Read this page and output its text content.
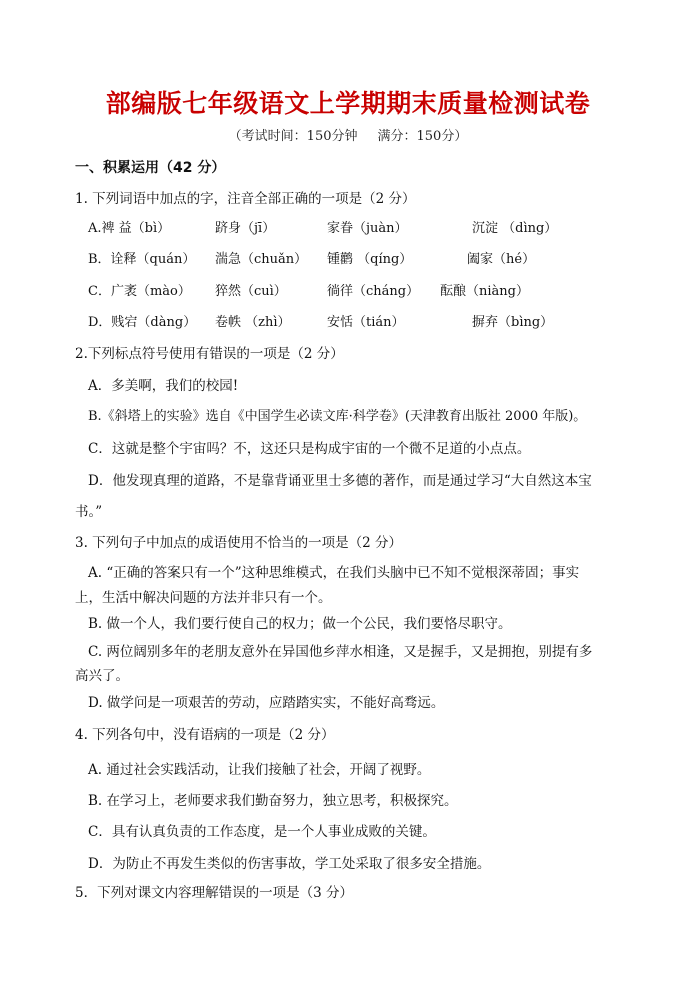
部编版七年级语文上学期期末质量检测试卷
（考试时间：150分钟 满分：150分）
一、积累运用（42 分）
1. 下列词语中加点的字，注音全部正确的一项是（2 分）
A.裨 益（bì）	跻身（jī）	家眷（juàn）	沉淀 （dìng）
B．诠释（quán） 湍急（chuǎn） 锺鹳 （qíng）	阖家（hé）
C．广袤（mào） 猝然（cuì）	徜徉（cháng） 酝酿（niàng）
D．贱宕（dàng） 卷帙 （zhì）	安恬（tián）	摒弃（bìng）
2.下列标点符号使用有错误的一项是（2 分）
A．多美啊，我们的校园!
B.《斜塔上的实验》选自《中国学生必读文库·科学卷》(天津教育出版社 2000 年版)。
C．这就是整个宇宙吗？不，这还只是构成宇宙的一个微不足道的小点点。
D．他发现真理的道路，不是靠背诵亚里士多德的著作，而是通过学习“大自然这本宝
书。”
3. 下列句子中加点的成语使用不恰当的一项是（2 分）
A. “正确的答案只有一个”这种思维模式，在我们头脑中已不知不觉根深蒂固；事实
上，生活中解决问题的方法并非只有一个。
B. 做一个人，我们要行使自己的权力；做一个公民，我们要恪尽职守。
C. 两位阔别多年的老朋友意外在异国他乡萍水相逢，又是握手，又是拥抱，别提有多
高兴了。
D. 做学问是一项艰苦的劳动，应踏踏实实，不能好高骛远。
4. 下列各句中，没有语病的一项是（2 分）
A. 通过社会实践活动，让我们接触了社会，开阔了视野。
B. 在学习上，老师要求我们勤奋努力，独立思考，积极探究。
C．具有认真负责的工作态度，是一个人事业成败的关键。
D．为防止不再发生类似的伤害事故，学工处采取了很多安全措施。
5．下列对课文内容理解错误的一项是（3 分）
